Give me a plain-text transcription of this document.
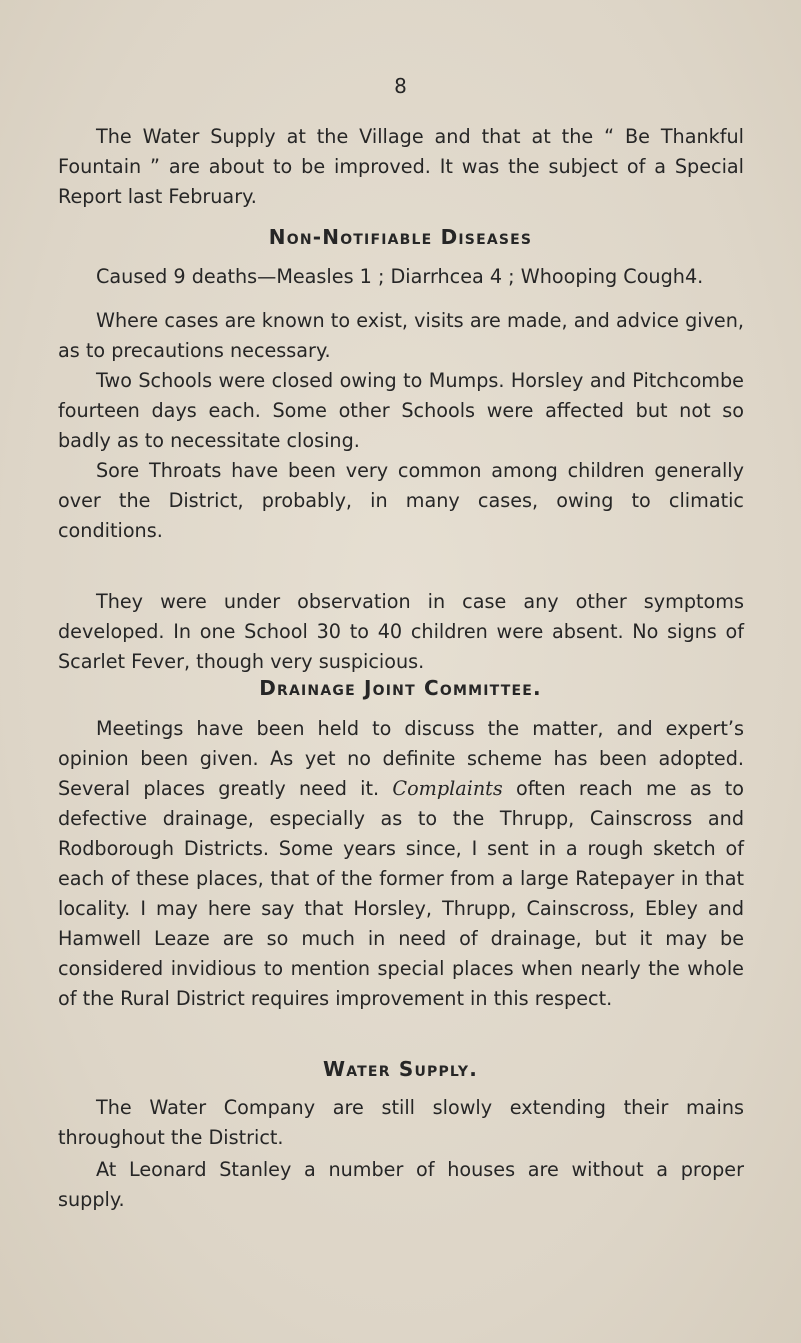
8

The Water Supply at the Village and that at the “ Be Thankful Fountain ” are about to be improved. It was the subject of a Special Report last February.

Non-Notifiable Diseases

Caused 9 deaths—Measles 1 ; Diarrhcea 4 ; Whooping Cough4.

Where cases are known to exist, visits are made, and advice given, as to precautions necessary.

Two Schools were closed owing to Mumps. Horsley and Pitchcombe fourteen days each. Some other Schools were affected but not so badly as to necessitate closing.

Sore Throats have been very common among children generally over the District, probably, in many cases, owing to climatic conditions.

They were under observation in case any other symptoms developed. In one School 30 to 40 children were absent. No signs of Scarlet Fever, though very suspicious.

Drainage Joint Committee.

Meetings have been held to discuss the matter, and expert’s opinion been given. As yet no definite scheme has been adopted. Several places greatly need it. Complaints often reach me as to defective drainage, especially as to the Thrupp, Cainscross and Rodborough Districts. Some years since, I sent in a rough sketch of each of these places, that of the former from a large Ratepayer in that locality. I may here say that Horsley, Thrupp, Cainscross, Ebley and Hamwell Leaze are so much in need of drainage, but it may be considered invidious to mention special places when nearly the whole of the Rural District requires improvement in this respect.

Water Supply.

The Water Company are still slowly extending their mains throughout the District.

At Leonard Stanley a number of houses are without a proper supply.
